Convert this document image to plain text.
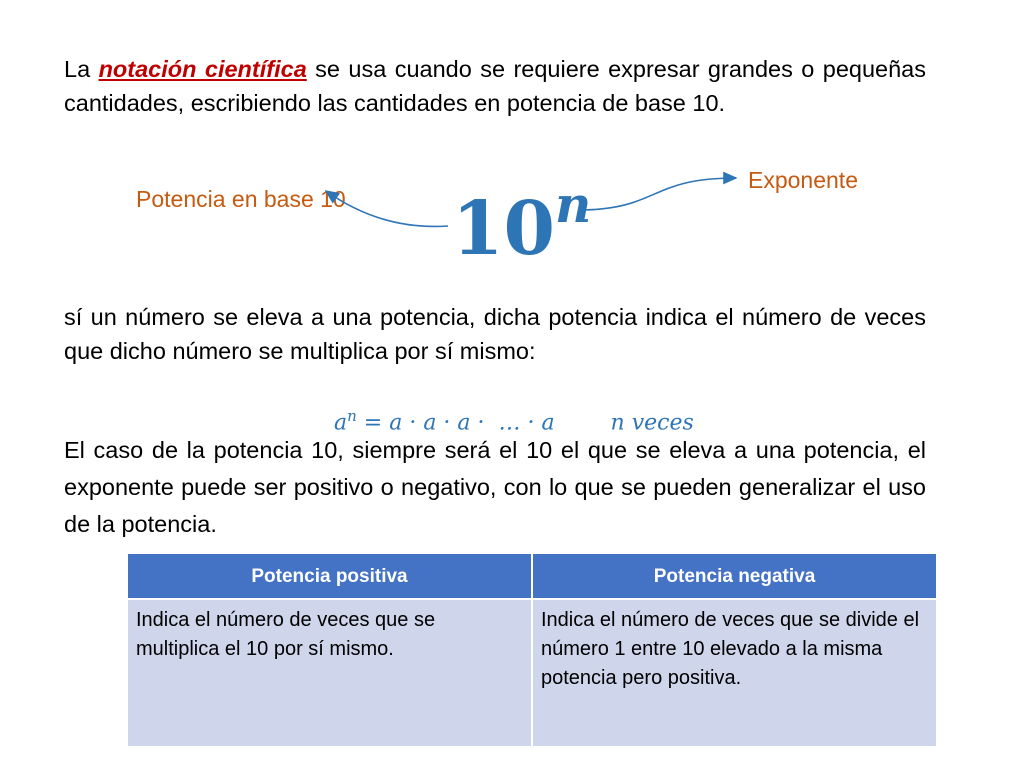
La notación científica se usa cuando se requiere expresar grandes o pequeñas cantidades, escribiendo las cantidades en potencia de base 10.

Potencia en base 10
Exponente
10$^n$

sí un número se eleva a una potencia, dicha potencia indica el número de veces que dicho número se multiplica por sí mismo:

$a^n = a \cdot a \cdot a$ ·  … · a        n veces

El caso de la potencia 10, siempre será el 10 el que se eleva a una potencia, el exponente puede ser positivo o negativo, con lo que se pueden generalizar el uso de la potencia.

Potencia positiva	Potencia negativa
Indica el número de veces que se multiplica el 10 por sí mismo.	Indica el número de veces que se divide el número 1 entre 10 elevado a la misma potencia pero positiva.
